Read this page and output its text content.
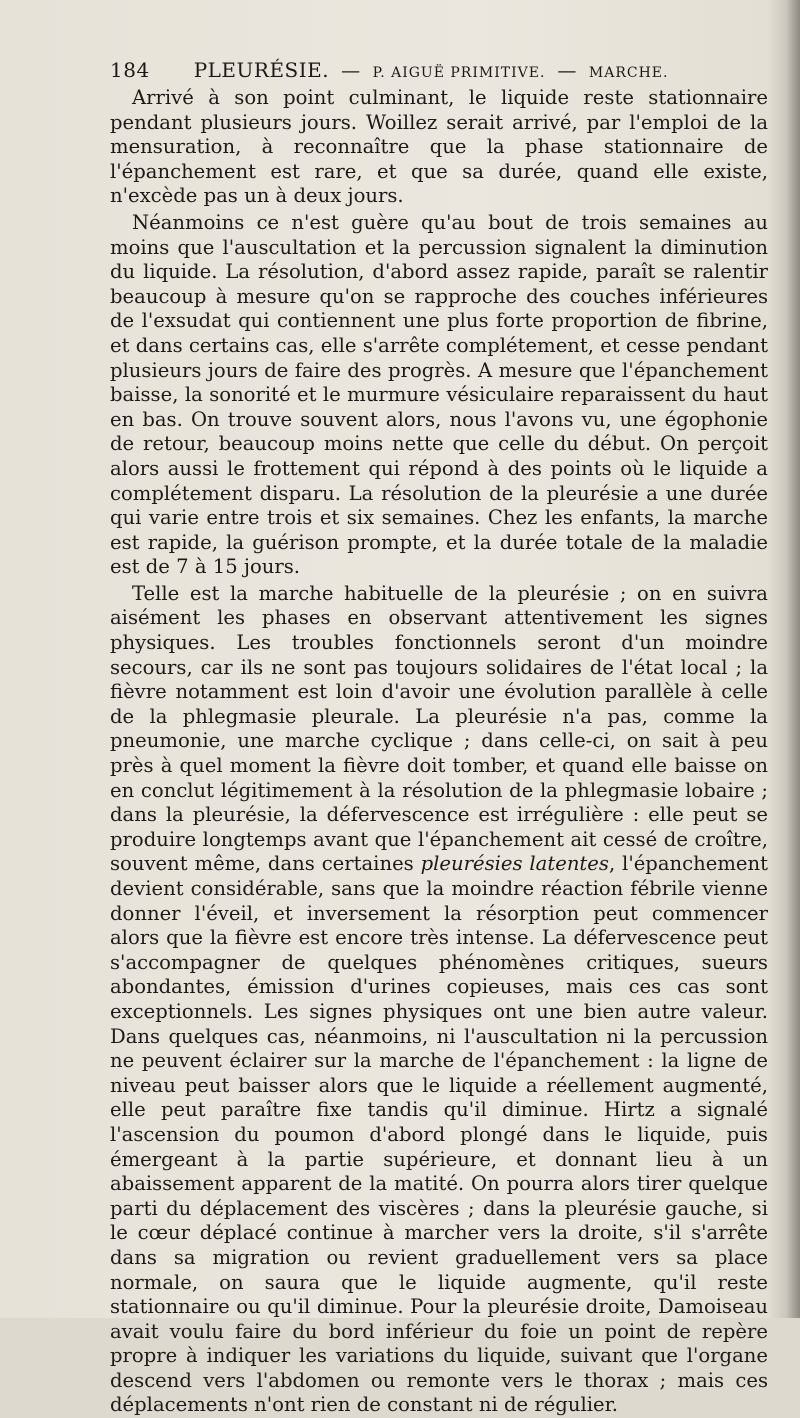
184 PLEURÉSIE. — P. AIGUË PRIMITIVE. — MARCHE.

Arrivé à son point culminant, le liquide reste stationnaire pendant plusieurs jours. Woillez serait arrivé, par l'emploi de la mensuration, à reconnaître que la phase stationnaire de l'épanchement est rare, et que sa durée, quand elle existe, n'excède pas un à deux jours.

Néanmoins ce n'est guère qu'au bout de trois semaines au moins que l'auscultation et la percussion signalent la diminution du liquide. La résolution, d'abord assez rapide, paraît se ralentir beaucoup à mesure qu'on se rapproche des couches inférieures de l'exsudat qui contiennent une plus forte proportion de fibrine, et dans certains cas, elle s'arrête complétement, et cesse pendant plusieurs jours de faire des progrès. A mesure que l'épanchement baisse, la sonorité et le murmure vésiculaire reparaissent du haut en bas. On trouve souvent alors, nous l'avons vu, une égophonie de retour, beaucoup moins nette que celle du début. On perçoit alors aussi le frottement qui répond à des points où le liquide a complétement disparu. La résolution de la pleurésie a une durée qui varie entre trois et six semaines. Chez les enfants, la marche est rapide, la guérison prompte, et la durée totale de la maladie est de 7 à 15 jours.

Telle est la marche habituelle de la pleurésie ; on en suivra aisément les phases en observant attentivement les signes physiques. Les troubles fonctionnels seront d'un moindre secours, car ils ne sont pas toujours solidaires de l'état local ; la fièvre notamment est loin d'avoir une évolution parallèle à celle de la phlegmasie pleurale. La pleurésie n'a pas, comme la pneumonie, une marche cyclique ; dans celle-ci, on sait à peu près à quel moment la fièvre doit tomber, et quand elle baisse on en conclut légitimement à la résolution de la phlegmasie lobaire ; dans la pleurésie, la défervescence est irrégulière : elle peut se produire longtemps avant que l'épanchement ait cessé de croître, souvent même, dans certaines pleurésies latentes, l'épanchement devient considérable, sans que la moindre réaction fébrile vienne donner l'éveil, et inversement la résorption peut commencer alors que la fièvre est encore très intense. La défervescence peut s'accompagner de quelques phénomènes critiques, sueurs abondantes, émission d'urines copieuses, mais ces cas sont exceptionnels. Les signes physiques ont une bien autre valeur. Dans quelques cas, néanmoins, ni l'auscultation ni la percussion ne peuvent éclairer sur la marche de l'épanchement : la ligne de niveau peut baisser alors que le liquide a réellement augmenté, elle peut paraître fixe tandis qu'il diminue. Hirtz a signalé l'ascension du poumon d'abord plongé dans le liquide, puis émergeant à la partie supérieure, et donnant lieu à un abaissement apparent de la matité. On pourra alors tirer quelque parti du déplacement des viscères ; dans la pleurésie gauche, si le cœur déplacé continue à marcher vers la droite, s'il s'arrête dans sa migration ou revient graduellement vers sa place normale, on saura que le liquide augmente, qu'il reste stationnaire ou qu'il diminue. Pour la pleurésie droite, Damoiseau avait voulu faire du bord inférieur du foie un point de repère propre à indiquer les variations du liquide, suivant que l'organe descend vers l'abdomen ou remonte vers le thorax ; mais ces déplacements n'ont rien de constant ni de régulier.
